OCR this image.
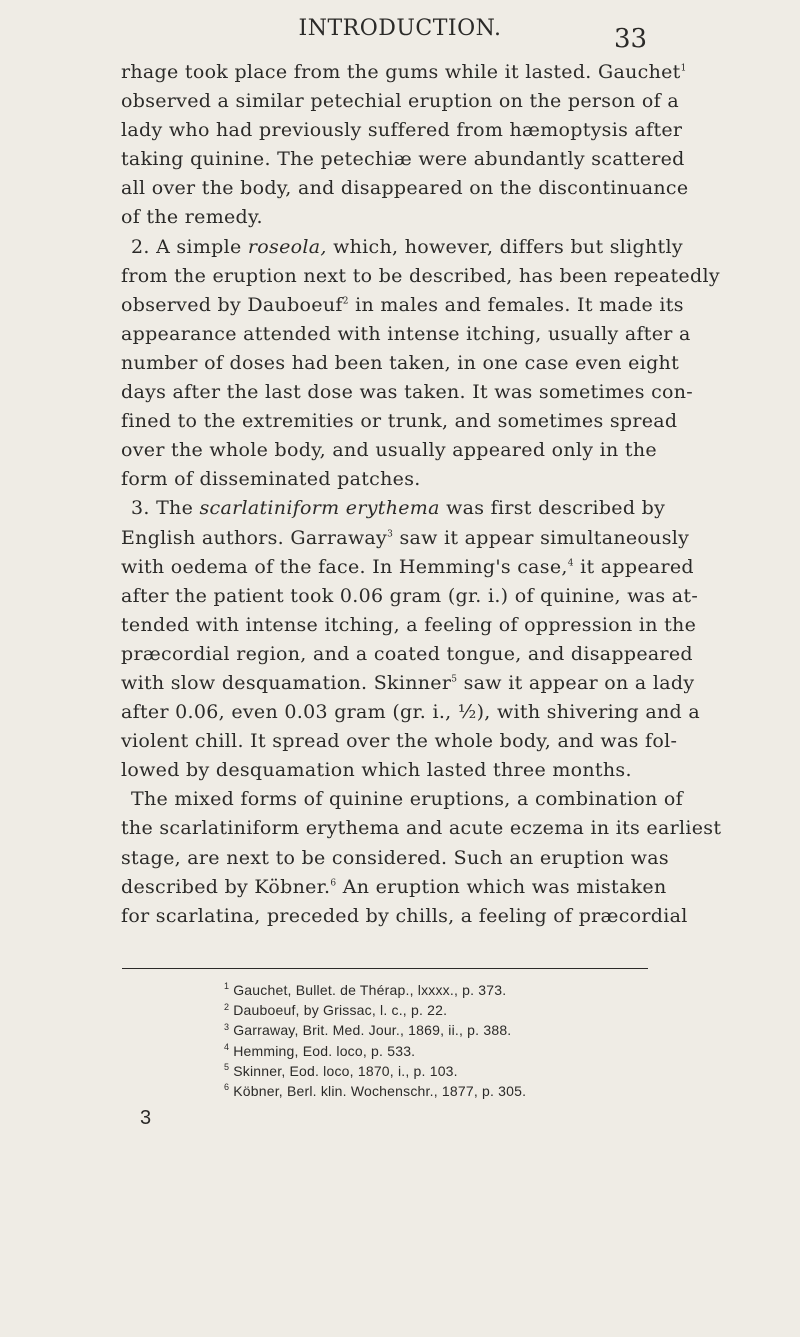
INTRODUCTION.	33
rhage took place from the gums while it lasted. Gauchet$^1$
observed a similar petechial eruption on the person of a
lady who had previously suffered from hæmoptysis after
taking quinine. The petechiæ were abundantly scattered
all over the body, and disappeared on the discontinuance
of the remedy.
2. A simple roseola, which, however, differs but slightly
from the eruption next to be described, has been repeatedly
observed by Dauboeuf$^2$ in males and females. It made its
appearance attended with intense itching, usually after a
number of doses had been taken, in one case even eight
days after the last dose was taken. It was sometimes con-
fined to the extremities or trunk, and sometimes spread
over the whole body, and usually appeared only in the
form of disseminated patches.
3. The scarlatiniform erythema was first described by
English authors. Garraway$^3$ saw it appear simultaneously
with oedema of the face. In Hemming's case,$^4$ it appeared
after the patient took 0.06 gram (gr. i.) of quinine, was at-
tended with intense itching, a feeling of oppression in the
præcordial region, and a coated tongue, and disappeared
with slow desquamation. Skinner$^5$ saw it appear on a lady
after 0.06, even 0.03 gram (gr. i., ½), with shivering and a
violent chill. It spread over the whole body, and was fol-
lowed by desquamation which lasted three months.
The mixed forms of quinine eruptions, a combination of
the scarlatiniform erythema and acute eczema in its earliest
stage, are next to be considered. Such an eruption was
described by Köbner.$^6$ An eruption which was mistaken
for scarlatina, preceded by chills, a feeling of præcordial
$^1$ Gauchet, Bullet. de Thérap., lxxxx., p. 373.
$^2$ Dauboeuf, by Grissac, l. c., p. 22.
$^3$ Garraway, Brit. Med. Jour., 1869, ii., p. 388.
$^4$ Hemming, Eod. loco, p. 533.
$^5$ Skinner, Eod. loco, 1870, i., p. 103.
$^6$ Köbner, Berl. klin. Wochenschr., 1877, p. 305.
3
